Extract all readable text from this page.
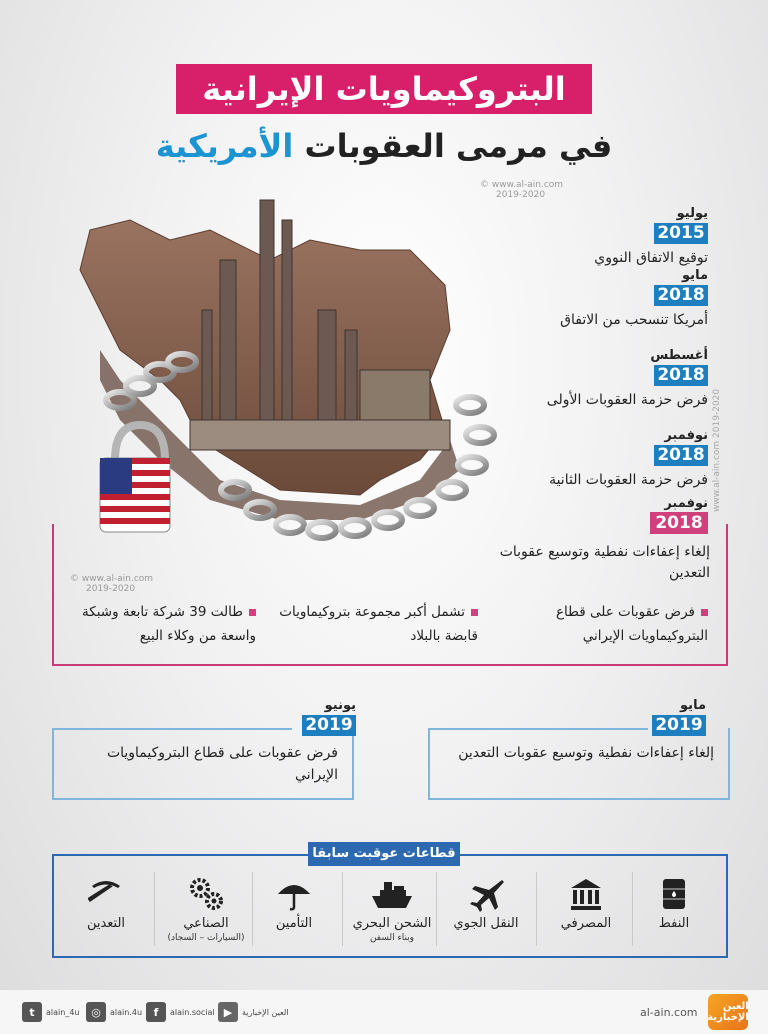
البتروكيماويات الإيرانية
في مرمى العقوبات الأمريكية
© www.al-ain.com
2019-2020
© www.al-ain.com
2019-2020
www.al-ain.com 2019-2020
يوليو
2015
توقيع الاتفاق النووي
مايو
2018
أمريكا تنسحب من الاتفاق
أغسطس
2018
فرض حزمة العقوبات الأولى
نوفمبر
2018
فرض حزمة العقوبات الثانية
نوفمبر
2018
إلغاء إعفاءات نفطية وتوسيع عقوبات التعدين
فرض عقوبات على قطاع البتروكيماويات الإيراني
تشمل أكبر مجموعة بتروكيماويات قابضة بالبلاد
طالت 39 شركة تابعة وشبكة واسعة من وكلاء البيع
إلغاء إعفاءات نفطية وتوسيع عقوبات التعدين
مايو
2019
فرض عقوبات على قطاع البتروكيماويات الإيراني
يونيو
2019
قطاعات عوقبت سابقا
النفط
المصرفي
النقل الجوي
الشحن البحري
وبناء السفن
التأمين
الصناعي
(السيارات – السجاد)
التعدين
t	alain_4u	◎	alain.4u	f	alain.social ▶	العين الإخبارية	al-ain.com	العين الإخبارية
